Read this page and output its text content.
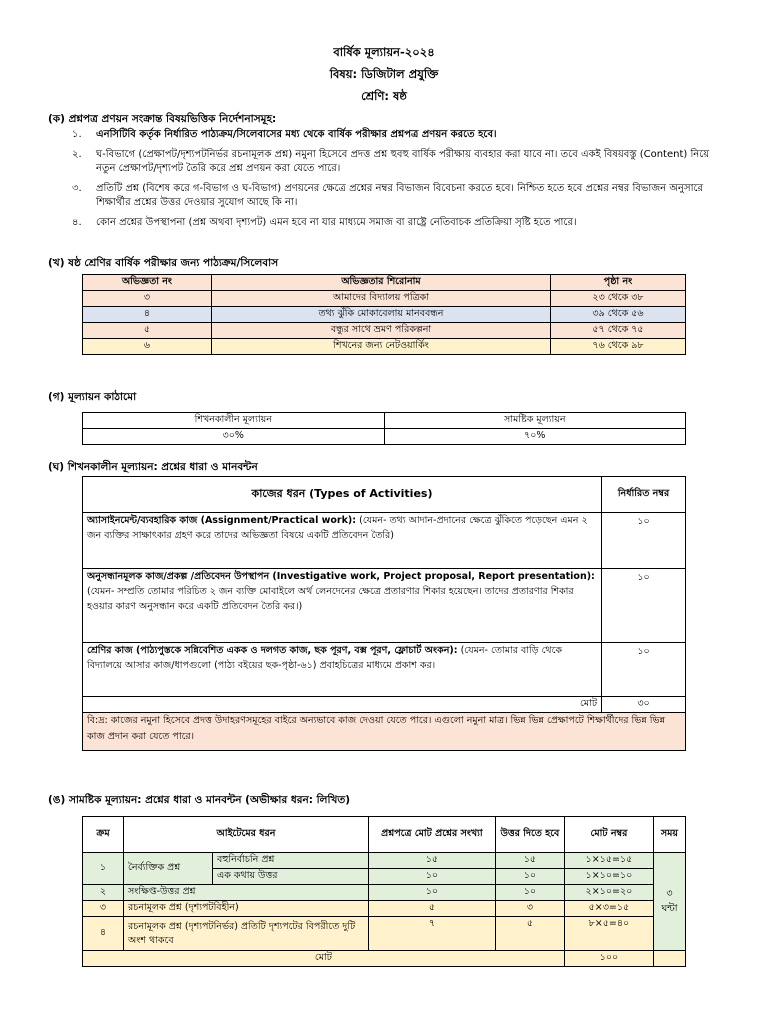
বার্ষিক মূল্যায়ন-২০২৪
বিষয়: ডিজিটাল প্রযুক্তি
শ্রেণি: ষষ্ঠ
(ক) প্রশ্নপত্র প্রণয়ন সংক্রান্ত বিষয়ভিত্তিক নির্দেশনাসমূহ:
১.	এনসিটিবি কর্তৃক নির্ধারিত পাঠ্যক্রম/সিলেবাসের মধ্য থেকে বার্ষিক পরীক্ষার প্রশ্নপত্র প্রণয়ন করতে হবে।
২.	ঘ-বিভাগে (প্রেক্ষাপট/দৃশ্যপটনির্ভর রচনামূলক প্রশ্ন) নমুনা হিসেবে প্রদত্ত প্রশ্ন হুবহু বার্ষিক পরীক্ষায় ব্যবহার করা যাবে না। তবে একই বিষয়বস্তু (Content) নিয়ে নতুন প্রেক্ষাপট/দৃশ্যপট তৈরি করে প্রশ্ন প্রণয়ন করা যেতে পারে।
৩.	প্রতিটি প্রশ্ন (বিশেষ করে গ-বিভাগ ও ঘ-বিভাগ) প্রণয়নের ক্ষেত্রে প্রশ্নের নম্বর বিভাজন বিবেচনা করতে হবে। নিশ্চিত হতে হবে প্রশ্নের নম্বর বিভাজন অনুসারে শিক্ষার্থীর প্রশ্নের উত্তর দেওয়ার সুযোগ আছে কি না।
৪.	কোন প্রশ্নের উপস্থাপনা (প্রশ্ন অথবা দৃশ্যপট) এমন হবে না যার মাধ্যমে সমাজ বা রাষ্ট্রে নেতিবাচক প্রতিক্রিয়া সৃষ্টি হতে পারে।
(খ) ষষ্ঠ শ্রেণির বার্ষিক পরীক্ষার জন্য পাঠ্যক্রম/সিলেবাস
অভিজ্ঞতা নং	অভিজ্ঞতার শিরোনাম	পৃষ্ঠা নং
৩	আমাদের বিদ্যালয় পত্রিকা	২৩ থেকে ৩৮
৪	তথ্য ঝুঁকি মোকাবেলায় মানববন্ধন	৩৯ থেকে ৫৬
৫	বন্ধুর সাথে ভ্রমণ পরিকল্পনা	৫৭ থেকে ৭৫
৬	শিখনের জন্য নেটওয়ার্কিং	৭৬ থেকে ৯৮
(গ) মূল্যায়ন কাঠামো
শিখনকালীন মূল্যায়ন	সামষ্টিক মূল্যায়ন
৩০%	৭০%
(ঘ) শিখনকালীন মূল্যায়ন: প্রশ্নের ধারা ও মানবন্টন
কাজের ধরন (Types of Activities)	নির্ধারিত নম্বর
অ্যাসাইনমেন্ট/ব্যবহারিক কাজ (Assignment/Practical work): (যেমন- তথ্য আদান-প্রদানের ক্ষেত্রে ঝুঁকিতে পড়েছেন এমন ২ জন ব্যক্তির সাক্ষাৎকার গ্রহণ করে তাদের অভিজ্ঞতা বিষয়ে একটি প্রতিবেদন তৈরি)	১০
অনুসন্ধানমূলক কাজ/প্রকল্প /প্রতিবেদন উপস্থাপন (Investigative work, Project proposal, Report presentation): (যেমন- সম্প্রতি তোমার পরিচিত ২ জন ব্যক্তি মোবাইলে অর্থ লেনদেনের ক্ষেত্রে প্রতারণার শিকার হয়েছেন। তাদের প্রতারণার শিকার হওয়ার কারণ অনুসন্ধান করে একটি প্রতিবেদন তৈরি কর।)	১০
শ্রেণির কাজ (পাঠ্যপুস্তকে সন্নিবেশিত একক ও দলগত কাজ, ছক পূরণ, বক্স পূরণ, ফ্লোচার্ট অংকন): (যেমন- তোমার বাড়ি থেকে বিদ্যালয়ে আসার কাজ/ধাপগুলো (পাঠ্য বইয়ের ছক-পৃষ্ঠা-৬১) প্রবাহচিত্রের মাধ্যমে প্রকাশ কর।	১০
মোট	৩০
বি:দ্র: কাজের নমুনা হিসেবে প্রদত্ত উদাহরণসমূহের বাইরে অন্যভাবে কাজ দেওয়া যেতে পারে। এগুলো নমুনা মাত্র। ভিন্ন ভিন্ন প্রেক্ষাপটে শিক্ষার্থীদের ভিন্ন ভিন্ন কাজ প্রদান করা যেতে পারে।	
(ঙ) সামষ্টিক মূল্যায়ন: প্রশ্নের ধারা ও মানবন্টন (অভীক্ষার ধরন: লিখিত)
ক্রম	আইটেমের ধরন		প্রশ্নপত্রে মোট প্রশ্নের সংখ্যা	উত্তর দিতে হবে	মোট নম্বর	সময়
১	নৈর্ব্যক্তিক প্রশ্ন	বহুনির্বাচনি প্রশ্ন	১৫	১৫	১×১৫=১৫	৩ ঘন্টা
		এক কথায় উত্তর	১০	১০	১×১০=১০	
২	সংক্ষিপ্ত-উত্তর প্রশ্ন		১০	১০	২×১০=২০	
৩	রচনামূলক প্রশ্ন (দৃশ্যপটবিহীন)		৫	৩	৫×৩=১৫	
৪	রচনামূলক প্রশ্ন (দৃশ্যপটনির্ভর) প্রতিটি দৃশ্যপটের বিপরীতে দুটি অংশ থাকবে		৭	৫	৮×৫=৪০	
মোট					১০০	
